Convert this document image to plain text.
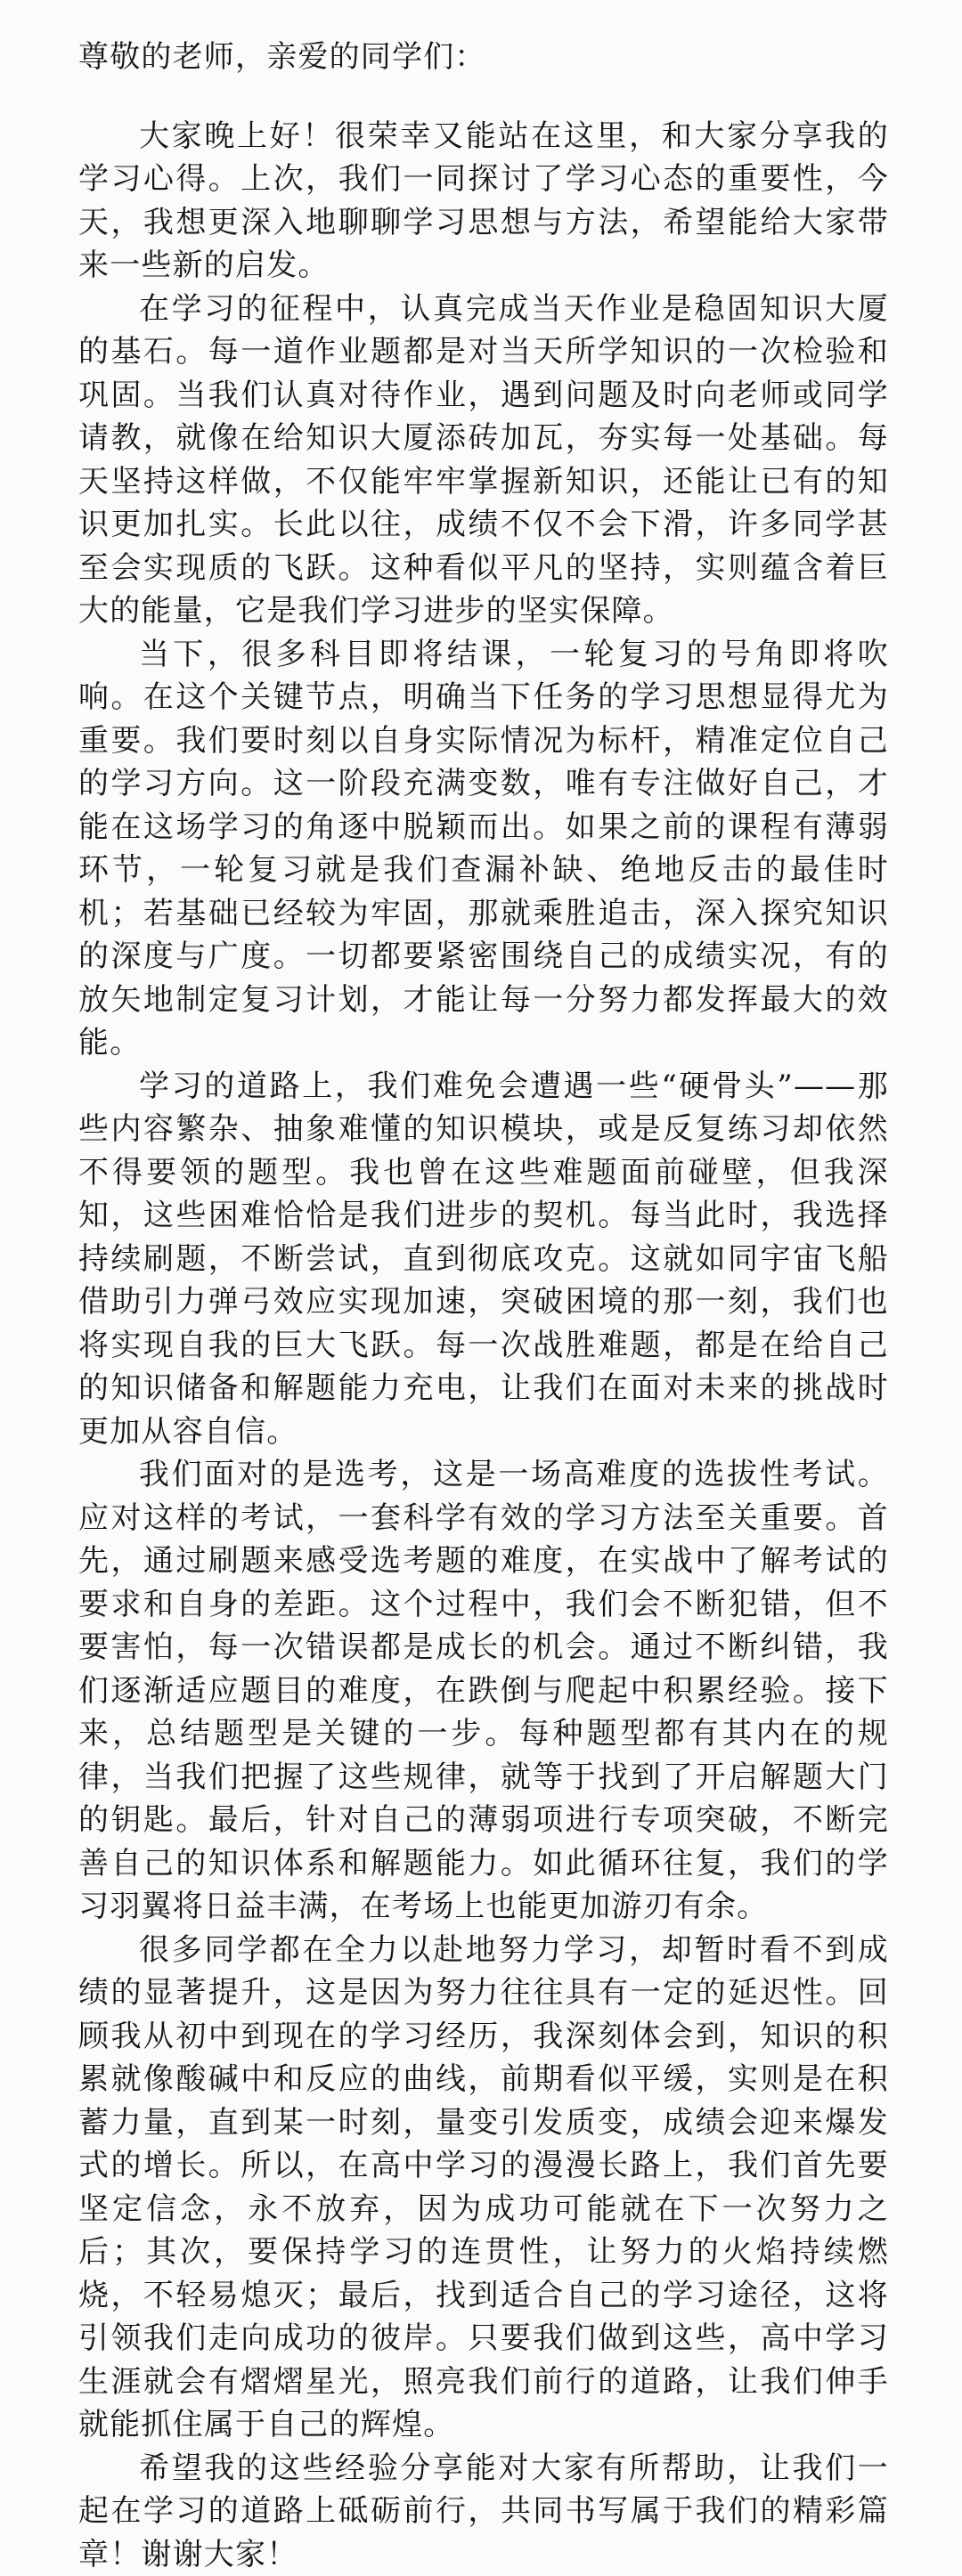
尊敬的老师，亲爱的同学们：

大家晚上好！很荣幸又能站在这里，和大家分享我的学习心得。上次，我们一同探讨了学习心态的重要性，今天，我想更深入地聊聊学习思想与方法，希望能给大家带来一些新的启发。

在学习的征程中，认真完成当天作业是稳固知识大厦的基石。每一道作业题都是对当天所学知识的一次检验和巩固。当我们认真对待作业，遇到问题及时向老师或同学请教，就像在给知识大厦添砖加瓦，夯实每一处基础。每天坚持这样做，不仅能牢牢掌握新知识，还能让已有的知识更加扎实。长此以往，成绩不仅不会下滑，许多同学甚至会实现质的飞跃。这种看似平凡的坚持，实则蕴含着巨大的能量，它是我们学习进步的坚实保障。

当下，很多科目即将结课，一轮复习的号角即将吹响。在这个关键节点，明确当下任务的学习思想显得尤为重要。我们要时刻以自身实际情况为标杆，精准定位自己的学习方向。这一阶段充满变数，唯有专注做好自己，才能在这场学习的角逐中脱颖而出。如果之前的课程有薄弱环节，一轮复习就是我们查漏补缺、绝地反击的最佳时机；若基础已经较为牢固，那就乘胜追击，深入探究知识的深度与广度。一切都要紧密围绕自己的成绩实况，有的放矢地制定复习计划，才能让每一分努力都发挥最大的效能。

学习的道路上，我们难免会遭遇一些“硬骨头”——那些内容繁杂、抽象难懂的知识模块，或是反复练习却依然不得要领的题型。我也曾在这些难题面前碰壁，但我深知，这些困难恰恰是我们进步的契机。每当此时，我选择持续刷题，不断尝试，直到彻底攻克。这就如同宇宙飞船借助引力弹弓效应实现加速，突破困境的那一刻，我们也将实现自我的巨大飞跃。每一次战胜难题，都是在给自己的知识储备和解题能力充电，让我们在面对未来的挑战时更加从容自信。

我们面对的是选考，这是一场高难度的选拔性考试。应对这样的考试，一套科学有效的学习方法至关重要。首先，通过刷题来感受选考题的难度，在实战中了解考试的要求和自身的差距。这个过程中，我们会不断犯错，但不要害怕，每一次错误都是成长的机会。通过不断纠错，我们逐渐适应题目的难度，在跌倒与爬起中积累经验。接下来，总结题型是关键的一步。每种题型都有其内在的规律，当我们把握了这些规律，就等于找到了开启解题大门的钥匙。最后，针对自己的薄弱项进行专项突破，不断完善自己的知识体系和解题能力。如此循环往复，我们的学习羽翼将日益丰满，在考场上也能更加游刃有余。

很多同学都在全力以赴地努力学习，却暂时看不到成绩的显著提升，这是因为努力往往具有一定的延迟性。回顾我从初中到现在的学习经历，我深刻体会到，知识的积累就像酸碱中和反应的曲线，前期看似平缓，实则是在积蓄力量，直到某一时刻，量变引发质变，成绩会迎来爆发式的增长。所以，在高中学习的漫漫长路上，我们首先要坚定信念，永不放弃，因为成功可能就在下一次努力之后；其次，要保持学习的连贯性，让努力的火焰持续燃烧，不轻易熄灭；最后，找到适合自己的学习途径，这将引领我们走向成功的彼岸。只要我们做到这些，高中学习生涯就会有熠熠星光，照亮我们前行的道路，让我们伸手就能抓住属于自己的辉煌。

希望我的这些经验分享能对大家有所帮助，让我们一起在学习的道路上砥砺前行，共同书写属于我们的精彩篇章！谢谢大家！
